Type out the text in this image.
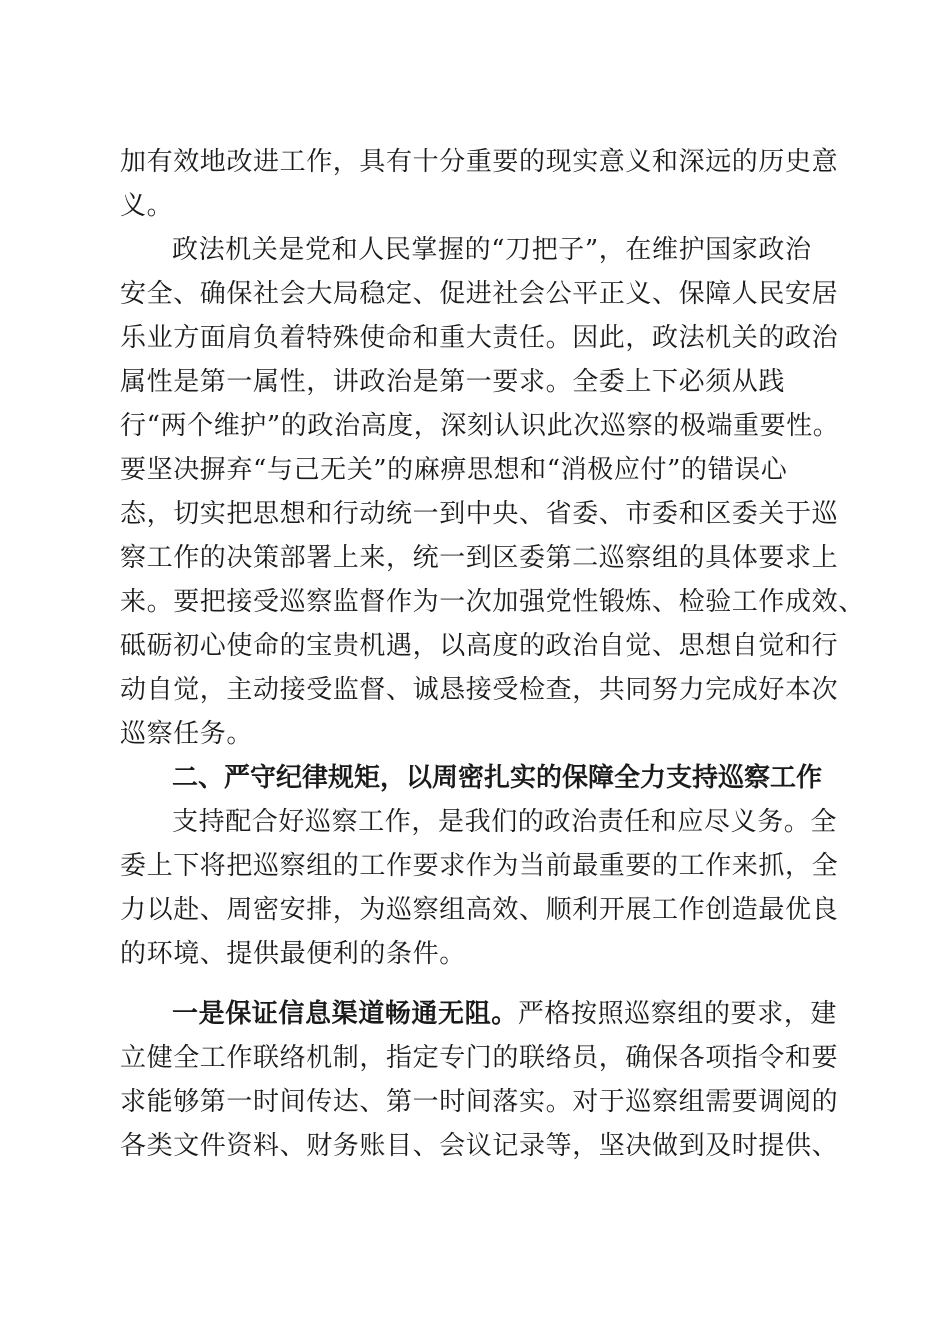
加有效地改进工作，具有十分重要的现实意义和深远的历史意
义。
政法机关是党和人民掌握的“刀把子”，在维护国家政治
安全、确保社会大局稳定、促进社会公平正义、保障人民安居
乐业方面肩负着特殊使命和重大责任。因此，政法机关的政治
属性是第一属性，讲政治是第一要求。全委上下必须从践
行“两个维护”的政治高度，深刻认识此次巡察的极端重要性。
要坚决摒弃“与己无关”的麻痹思想和“消极应付”的错误心
态，切实把思想和行动统一到中央、省委、市委和区委关于巡
察工作的决策部署上来，统一到区委第二巡察组的具体要求上
来。要把接受巡察监督作为一次加强党性锻炼、检验工作成效、
砥砺初心使命的宝贵机遇，以高度的政治自觉、思想自觉和行
动自觉，主动接受监督、诚恳接受检查，共同努力完成好本次
巡察任务。
二、严守纪律规矩，以周密扎实的保障全力支持巡察工作
支持配合好巡察工作，是我们的政治责任和应尽义务。全
委上下将把巡察组的工作要求作为当前最重要的工作来抓，全
力以赴、周密安排，为巡察组高效、顺利开展工作创造最优良
的环境、提供最便利的条件。
一是保证信息渠道畅通无阻。严格按照巡察组的要求，建
立健全工作联络机制，指定专门的联络员，确保各项指令和要
求能够第一时间传达、第一时间落实。对于巡察组需要调阅的
各类文件资料、财务账目、会议记录等，坚决做到及时提供、
